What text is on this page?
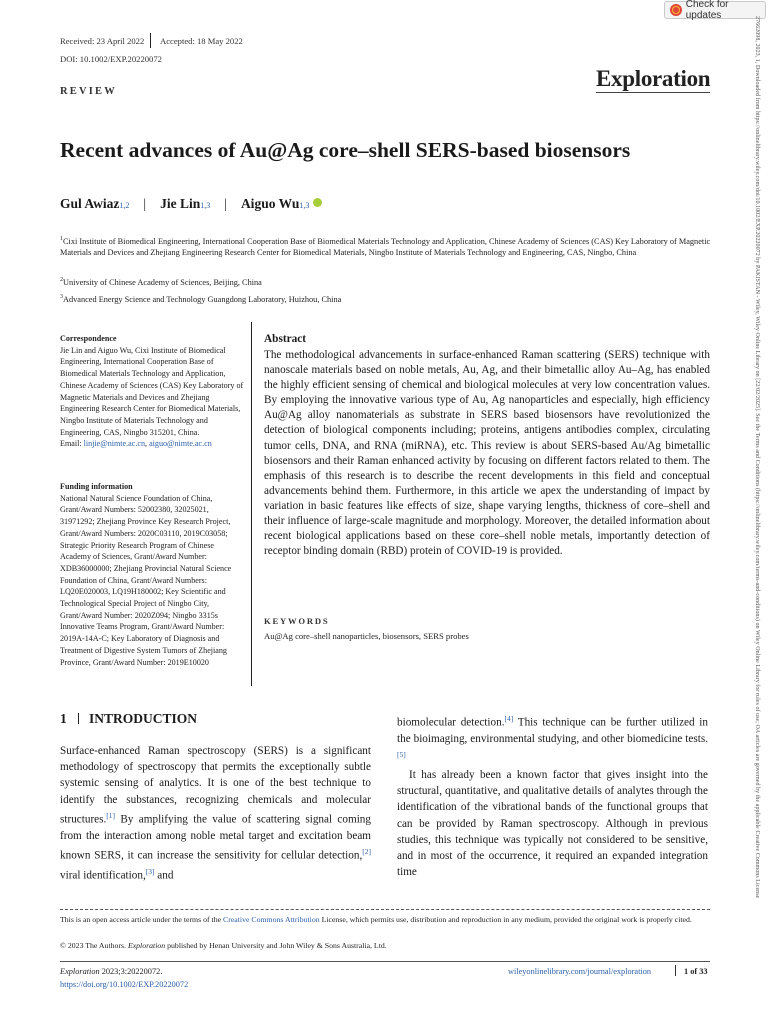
Check for updates
Received: 23 April 2022 Accepted: 18 May 2022
DOI: 10.1002/EXP.20220072
Exploration
REVIEW
Recent advances of Au@Ag core–shell SERS-based biosensors
Gul Awiaz 1,2 | Jie Lin 1,3 | Aiguo Wu 1,3
$^1$Cixi Institute of Biomedical Engineering, International Cooperation Base of Biomedical Materials Technology and Application, Chinese Academy of Sciences (CAS) Key Laboratory of Magnetic Materials and Devices and Zhejiang Engineering Research Center for Biomedical Materials, Ningbo Institute of Materials Technology and Engineering, CAS, Ningbo, China
$^2$University of Chinese Academy of Sciences, Beijing, China
$^3$Advanced Energy Science and Technology Guangdong Laboratory, Huizhou, China
Correspondence
Jie Lin and Aiguo Wu, Cixi Institute of Biomedical Engineering, International Cooperation Base of Biomedical Materials Technology and Application, Chinese Academy of Sciences (CAS) Key Laboratory of Magnetic Materials and Devices and Zhejiang Engineering Research Center for Biomedical Materials, Ningbo Institute of Materials Technology and Engineering, CAS, Ningbo 315201, China.
Email: linjie@nimte.ac.cn, aiguo@nimte.ac.cn
Funding information
National Natural Science Foundation of China, Grant/Award Numbers: 52002380, 32025021, 31971292; Zhejiang Province Key Research Project, Grant/Award Numbers: 2020C03110, 2019C03058; Strategic Priority Research Program of Chinese Academy of Sciences, Grant/Award Number: XDB36000000; Zhejiang Provincial Natural Science Foundation of China, Grant/Award Numbers: LQ20E020003, LQ19H180002; Key Scientific and Technological Special Project of Ningbo City, Grant/Award Number: 2020Z094; Ningbo 3315s Innovative Teams Program, Grant/Award Number: 2019A-14A-C; Key Laboratory of Diagnosis and Treatment of Digestive System Tumors of Zhejiang Province, Grant/Award Number: 2019E10020
Abstract
The methodological advancements in surface-enhanced Raman scattering (SERS) technique with nanoscale materials based on noble metals, Au, Ag, and their bimetallic alloy Au–Ag, has enabled the highly efficient sensing of chemical and biological molecules at very low concentration values. By employing the innovative various type of Au, Ag nanoparticles and especially, high efficiency Au@Ag alloy nanomaterials as substrate in SERS based biosensors have revolutionized the detection of biological components including; proteins, antigens antibodies complex, circulating tumor cells, DNA, and RNA (miRNA), etc. This review is about SERS-based Au/Ag bimetallic biosensors and their Raman enhanced activity by focusing on different factors related to them. The emphasis of this research is to describe the recent developments in this field and conceptual advancements behind them. Furthermore, in this article we apex the understanding of impact by variation in basic features like effects of size, shape varying lengths, thickness of core–shell and their influence of large-scale magnitude and morphology. Moreover, the detailed information about recent biological applications based on these core–shell noble metals, importantly detection of receptor binding domain (RBD) protein of COVID-19 is provided.
KEYWORDS
Au@Ag core–shell nanoparticles, biosensors, SERS probes
1 INTRODUCTION
Surface-enhanced Raman spectroscopy (SERS) is a significant methodology of spectroscopy that permits the exceptionally subtle systemic sensing of analytics. It is one of the best technique to identify the substances, recognizing chemicals and molecular structures.[1] By amplifying the value of scattering signal coming from the interaction among noble metal target and excitation beam known SERS, it can increase the sensitivity for cellular detection,[2] viral identification,[3] and
biomolecular detection.[4] This technique can be further utilized in the bioimaging, environmental studying, and other biomedicine tests.[5]
It has already been a known factor that gives insight into the structural, quantitative, and qualitative details of analytes through the identification of the vibrational bands of the functional groups that can be provided by Raman spectroscopy. Although in previous studies, this technique was typically not considered to be sensitive, and in most of the occurrence, it required an expanded integration time
This is an open access article under the terms of the Creative Commons Attribution License, which permits use, distribution and reproduction in any medium, provided the original work is properly cited.
© 2023 The Authors. Exploration published by Henan University and John Wiley & Sons Australia, Ltd.
Exploration 2023;3:20220072.
https://doi.org/10.1002/EXP.20220072
wileyonlinelibrary.com/journal/exploration	1 of 33
27662098, 2023, 1, Downloaded from https://onlinelibrary.wiley.com/doi/10.1002/EXP.20220072 by PAKISTAN - Wiley, Wiley Online Library on [22/02/2025]. See the Terms and Conditions (https://onlinelibrary.wiley.com/terms-and-conditions) on Wiley Online Library for rules of use; OA articles are governed by the applicable Creative Commons License
